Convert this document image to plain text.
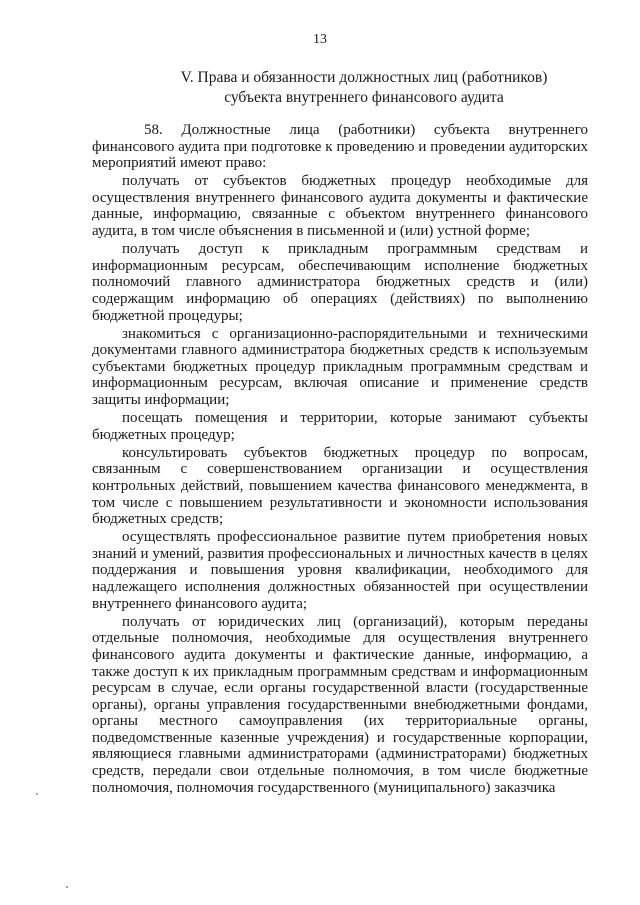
13
V. Права и обязанности должностных лиц (работников)
субъекта внутреннего финансового аудита

58. Должностные лица (работники) субъекта внутреннего финансового аудита при подготовке к проведению и проведении аудиторских мероприятий имеют право:

получать от субъектов бюджетных процедур необходимые для осуществления внутреннего финансового аудита документы и фактические данные, информацию, связанные с объектом внутреннего финансового аудита, в том числе объяснения в письменной и (или) устной форме;

получать доступ к прикладным программным средствам и информационным ресурсам, обеспечивающим исполнение бюджетных полномочий главного администратора бюджетных средств и (или) содержащим информацию об операциях (действиях) по выполнению бюджетной процедуры;

знакомиться с организационно-распорядительными и техническими документами главного администратора бюджетных средств к используемым субъектами бюджетных процедур прикладным программным средствам и информационным ресурсам, включая описание и применение средств защиты информации;

посещать помещения и территории, которые занимают субъекты бюджетных процедур;

консультировать субъектов бюджетных процедур по вопросам, связанным с совершенствованием организации и осуществления контрольных действий, повышением качества финансового менеджмента, в том числе с повышением результативности и экономности использования бюджетных средств;

осуществлять профессиональное развитие путем приобретения новых знаний и умений, развития профессиональных и личностных качеств в целях поддержания и повышения уровня квалификации, необходимого для надлежащего исполнения должностных обязанностей при осуществлении внутреннего финансового аудита;

получать от юридических лиц (организаций), которым переданы отдельные полномочия, необходимые для осуществления внутреннего финансового аудита документы и фактические данные, информацию, а также доступ к их прикладным программным средствам и информационным ресурсам в случае, если органы государственной власти (государственные органы), органы управления государственными внебюджетными фондами, органы местного самоуправления (их территориальные органы, подведомственные казенные учреждения) и государственные корпорации, являющиеся главными администраторами (администраторами) бюджетных средств, передали свои отдельные полномочия, в том числе бюджетные полномочия, полномочия государственного (муниципального) заказчика
